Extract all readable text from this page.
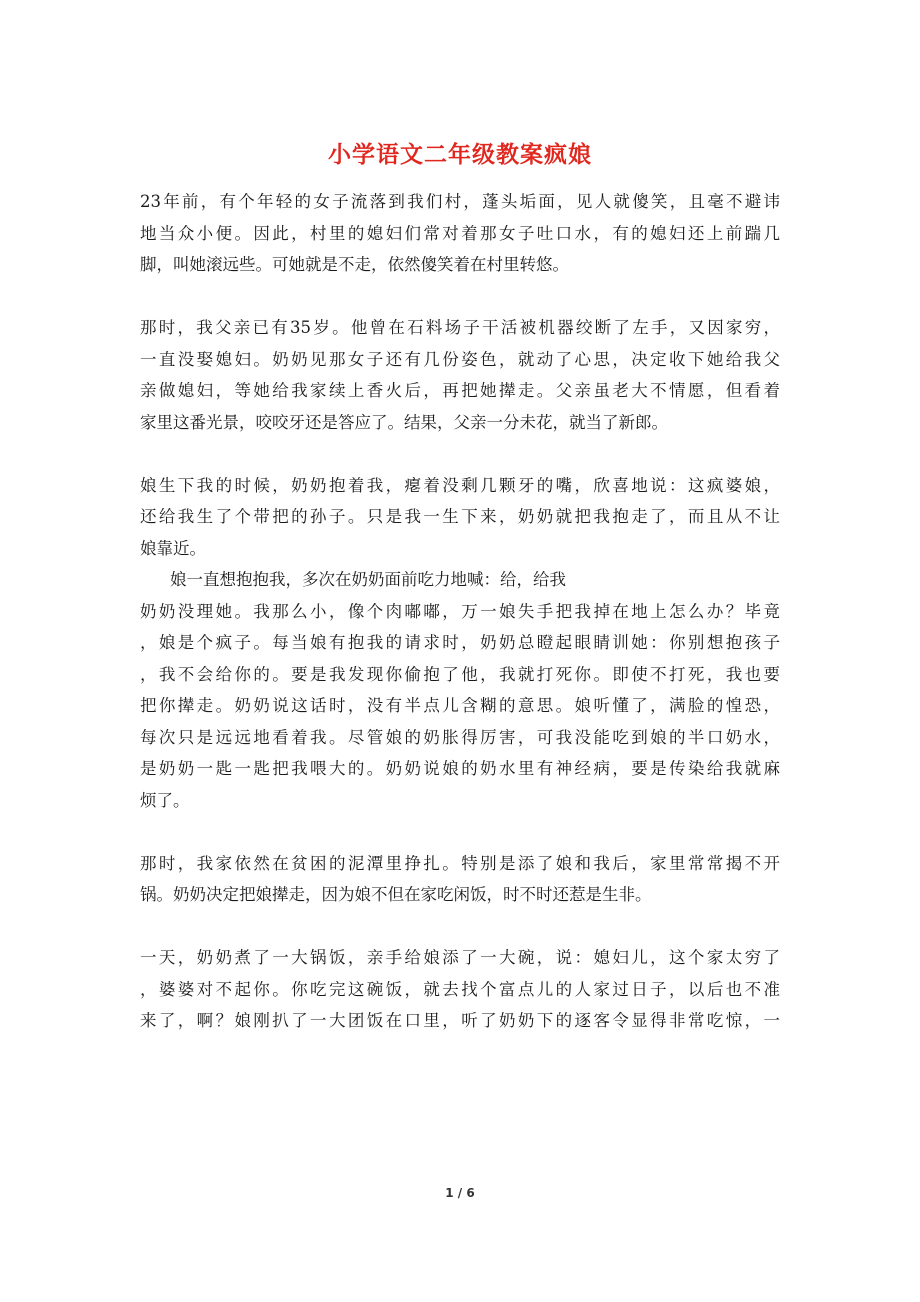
小学语文二年级教案疯娘
23年前，有个年轻的女子流落到我们村，蓬头垢面，见人就傻笑，且毫不避讳
地当众小便。因此，村里的媳妇们常对着那女子吐口水，有的媳妇还上前踹几
脚，叫她滚远些。可她就是不走，依然傻笑着在村里转悠。
那时，我父亲已有35岁。他曾在石料场子干活被机器绞断了左手，又因家穷，
一直没娶媳妇。奶奶见那女子还有几份姿色，就动了心思，决定收下她给我父
亲做媳妇，等她给我家续上香火后，再把她撵走。父亲虽老大不情愿，但看着
家里这番光景，咬咬牙还是答应了。结果，父亲一分未花，就当了新郎。
娘生下我的时候，奶奶抱着我，瘪着没剩几颗牙的嘴，欣喜地说：这疯婆娘，
还给我生了个带把的孙子。只是我一生下来，奶奶就把我抱走了，而且从不让
娘靠近。
娘一直想抱抱我，多次在奶奶面前吃力地喊：给，给我
奶奶没理她。我那么小，像个肉嘟嘟，万一娘失手把我掉在地上怎么办？毕竟
，娘是个疯子。每当娘有抱我的请求时，奶奶总瞪起眼睛训她：你别想抱孩子
，我不会给你的。要是我发现你偷抱了他，我就打死你。即使不打死，我也要
把你撵走。奶奶说这话时，没有半点儿含糊的意思。娘听懂了，满脸的惶恐，
每次只是远远地看着我。尽管娘的奶胀得厉害，可我没能吃到娘的半口奶水，
是奶奶一匙一匙把我喂大的。奶奶说娘的奶水里有神经病，要是传染给我就麻
烦了。
那时，我家依然在贫困的泥潭里挣扎。特别是添了娘和我后，家里常常揭不开
锅。奶奶决定把娘撵走，因为娘不但在家吃闲饭，时不时还惹是生非。
一天，奶奶煮了一大锅饭，亲手给娘添了一大碗，说：媳妇儿，这个家太穷了
，婆婆对不起你。你吃完这碗饭，就去找个富点儿的人家过日子，以后也不准
来了，啊？娘刚扒了一大团饭在口里，听了奶奶下的逐客令显得非常吃惊，一
1 / 6
